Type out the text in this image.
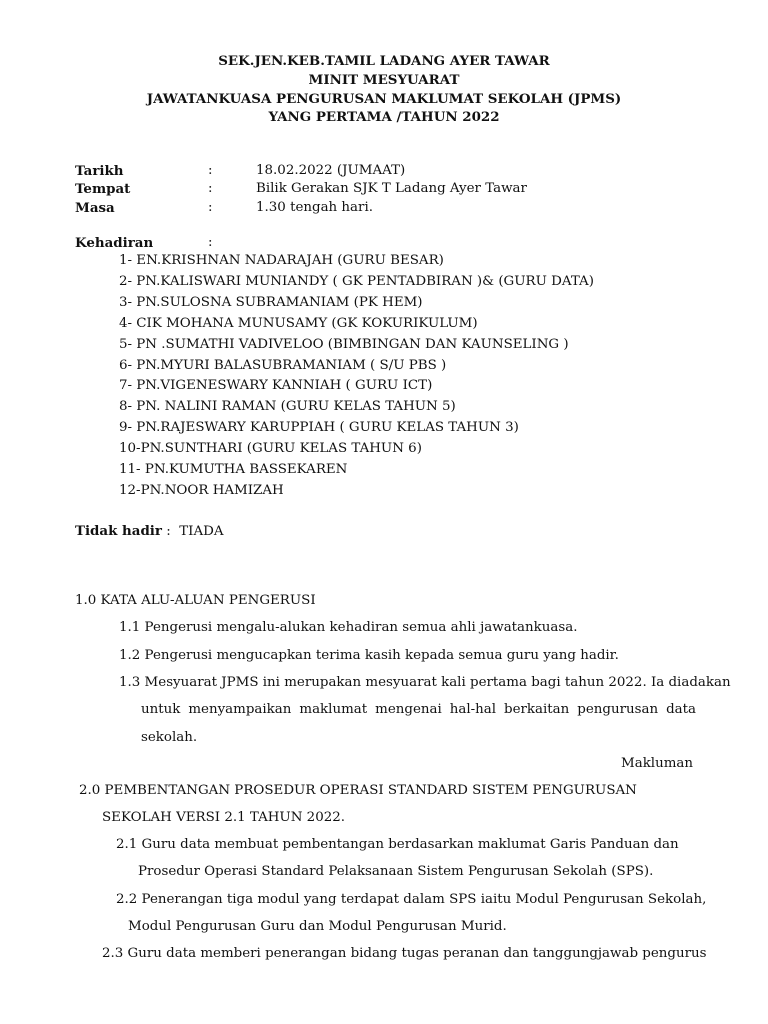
SEK.JEN.KEB.TAMIL LADANG AYER TAWAR
MINIT MESYUARAT
JAWATANKUASA PENGURUSAN MAKLUMAT SEKOLAH (JPMS)
YANG PERTAMA /TAHUN 2022
Tarikh	:	18.02.2022 (JUMAAT)
Tempat	:	Bilik Gerakan SJK T Ladang Ayer Tawar
Masa	:	1.30 tengah hari.
Kehadiran	:
1- EN.KRISHNAN NADARAJAH (GURU BESAR)
2- PN.KALISWARI MUNIANDY ( GK PENTADBIRAN )& (GURU DATA)
3- PN.SULOSNA SUBRAMANIAM (PK HEM)
4- CIK MOHANA MUNUSAMY (GK KOKURIKULUM)
5- PN .SUMATHI VADIVELOO (BIMBINGAN DAN KAUNSELING )
6- PN.MYURI BALASUBRAMANIAM ( S/U PBS )
7- PN.VIGENESWARY KANNIAH ( GURU ICT)
8- PN. NALINI RAMAN (GURU KELAS TAHUN 5)
9- PN.RAJESWARY KARUPPIAH ( GURU KELAS TAHUN 3)
10-PN.SUNTHARI (GURU KELAS TAHUN 6)
11- PN.KUMUTHA BASSEKAREN
12-PN.NOOR HAMIZAH
Tidak hadir :  TIADA
1.0 KATA ALU-ALUAN PENGERUSI
1.1 Pengerusi mengalu-alukan kehadiran semua ahli jawatankuasa.
1.2 Pengerusi mengucapkan terima kasih kepada semua guru yang hadir.
1.3 Mesyuarat JPMS ini merupakan mesyuarat kali pertama bagi tahun 2022. Ia diadakan
untuk menyampaikan maklumat mengenai hal-hal berkaitan pengurusan data
sekolah.
Makluman
2.0 PEMBENTANGAN PROSEDUR OPERASI STANDARD SISTEM PENGURUSAN
SEKOLAH VERSI 2.1 TAHUN 2022.
2.1 Guru data membuat pembentangan berdasarkan maklumat Garis Panduan dan
Prosedur Operasi Standard Pelaksanaan Sistem Pengurusan Sekolah (SPS).
2.2 Penerangan tiga modul yang terdapat dalam SPS iaitu Modul Pengurusan Sekolah,
Modul Pengurusan Guru dan Modul Pengurusan Murid.
2.3 Guru data memberi penerangan bidang tugas peranan dan tanggungjawab pengurus
